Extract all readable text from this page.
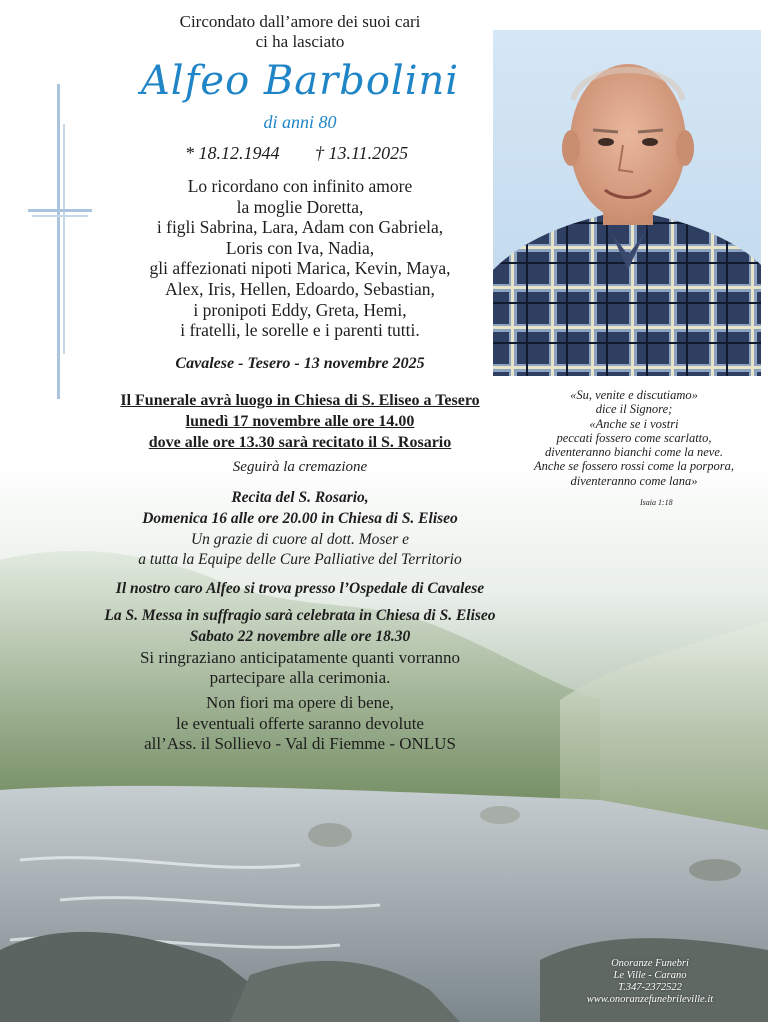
Circondato dall’amore dei suoi cari
ci ha lasciato
Alfeo Barbolini
di anni 80
* 18.12.1944 † 13.11.2025
Lo ricordano con infinito amore
la moglie Doretta,
i figli Sabrina, Lara, Adam con Gabriela,
Loris con Iva, Nadia,
gli affezionati nipoti Marica, Kevin, Maya,
Alex, Iris, Hellen, Edoardo, Sebastian,
i pronipoti Eddy, Greta, Hemi,
i fratelli, le sorelle e i parenti tutti.
Cavalese - Tesero - 13 novembre 2025
Il Funerale avrà luogo in Chiesa di S. Eliseo a Tesero
lunedì 17 novembre alle ore 14.00
dove alle ore 13.30 sarà recitato il S. Rosario
Seguirà la cremazione
Recita del S. Rosario,
Domenica 16 alle ore 20.00 in Chiesa di S. Eliseo
Un grazie di cuore al dott. Moser e
a tutta la Equipe delle Cure Palliative del Territorio
Il nostro caro Alfeo si trova presso l’Ospedale di Cavalese
La S. Messa in suffragio sarà celebrata in Chiesa di S. Eliseo
Sabato 22 novembre alle ore 18.30
Si ringraziano anticipatamente quanti vorranno
partecipare alla cerimonia.
Non fiori ma opere di bene,
le eventuali offerte saranno devolute
all’Ass. il Sollievo - Val di Fiemme - ONLUS
«Su, venite e discutiamo»
dice il Signore;
«Anche se i vostri
peccati fossero come scarlatto,
diventeranno bianchi come la neve.
Anche se fossero rossi come la porpora,
diventeranno come lana»
Isaia 1:18
Onoranze Funebri
Le Ville - Carano
T.347-2372522
www.onoranzefunebrileville.it
